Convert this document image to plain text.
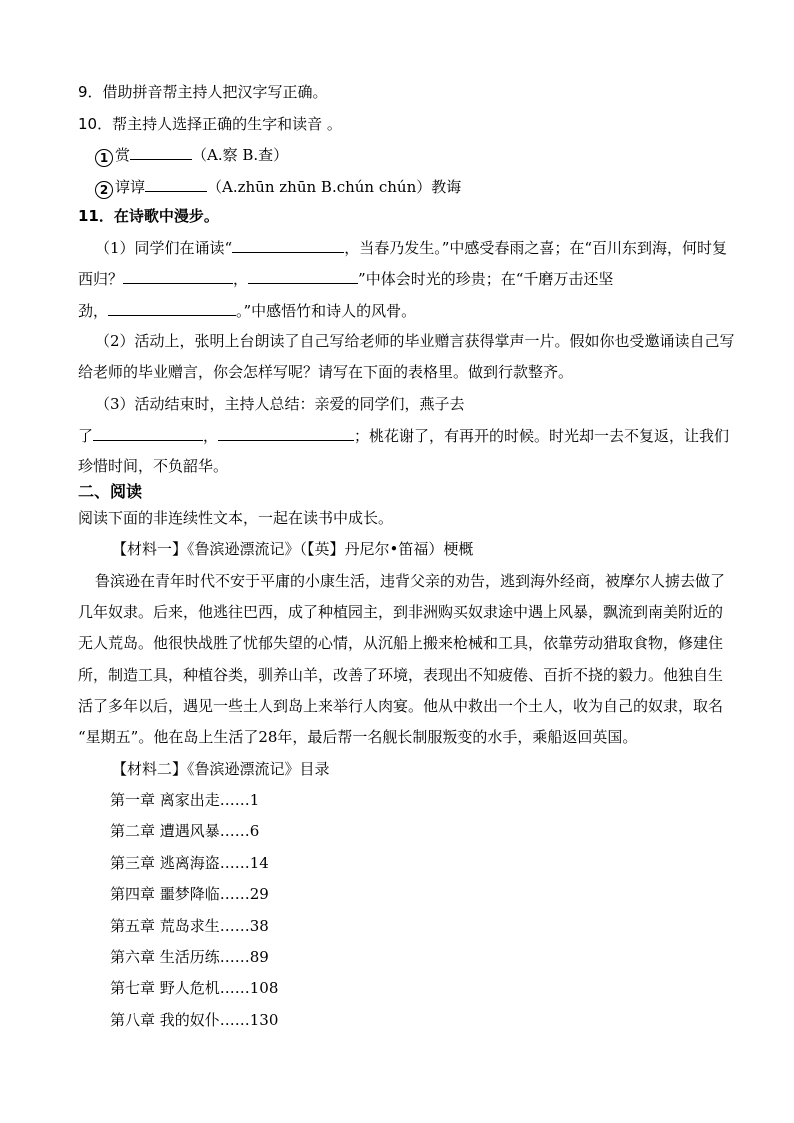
9．借助拼音帮主持人把汉字写正确。
10．帮主持人选择正确的生字和读音 。
1 赏	（A.察 B.查）
2 谆谆	（A.zhūn zhūn B.chún chún）教诲
11．在诗歌中漫步。
（1）同学们在诵读“	，当春乃发生。”中感受春雨之喜；在“百川东到海，何时复
西归？	，	”中体会时光的珍贵；在“千磨万击还坚
劲，	。”中感悟竹和诗人的风骨。
（2）活动上，张明上台朗读了自己写给老师的毕业赠言获得掌声一片。假如你也受邀诵读自己写
给老师的毕业赠言，你会怎样写呢？请写在下面的表格里。做到行款整齐。
（3）活动结束时，主持人总结：亲爱的同学们，燕子去
了	，	；桃花谢了，有再开的时候。时光却一去不复返，让我们
珍惜时间，不负韶华。
二、阅读
阅读下面的非连续性文本，一起在读书中成长。
【材料一】《鲁滨逊漂流记》（【英】丹尼尔•笛福）梗概
鲁滨逊在青年时代不安于平庸的小康生活，违背父亲的劝告，逃到海外经商，被摩尔人掳去做了
几年奴隶。后来，他逃往巴西，成了种植园主，到非洲购买奴隶途中遇上风暴，飘流到南美附近的
无人荒岛。他很快战胜了忧郁失望的心情，从沉船上搬来枪械和工具，依靠劳动猎取食物，修建住
所，制造工具，种植谷类，驯养山羊，改善了环境，表现出不知疲倦、百折不挠的毅力。他独自生
活了多年以后，遇见一些土人到岛上来举行人肉宴。他从中救出一个土人，收为自己的奴隶，取名
“星期五”。他在岛上生活了28年，最后帮一名舰长制服叛变的水手，乘船返回英国。
【材料二】《鲁滨逊漂流记》目录
第一章 离家出走……1
第二章 遭遇风暴……6
第三章 逃离海盗……14
第四章 噩梦降临……29
第五章 荒岛求生……38
第六章 生活历练……89
第七章 野人危机……108
第八章 我的奴仆……130
